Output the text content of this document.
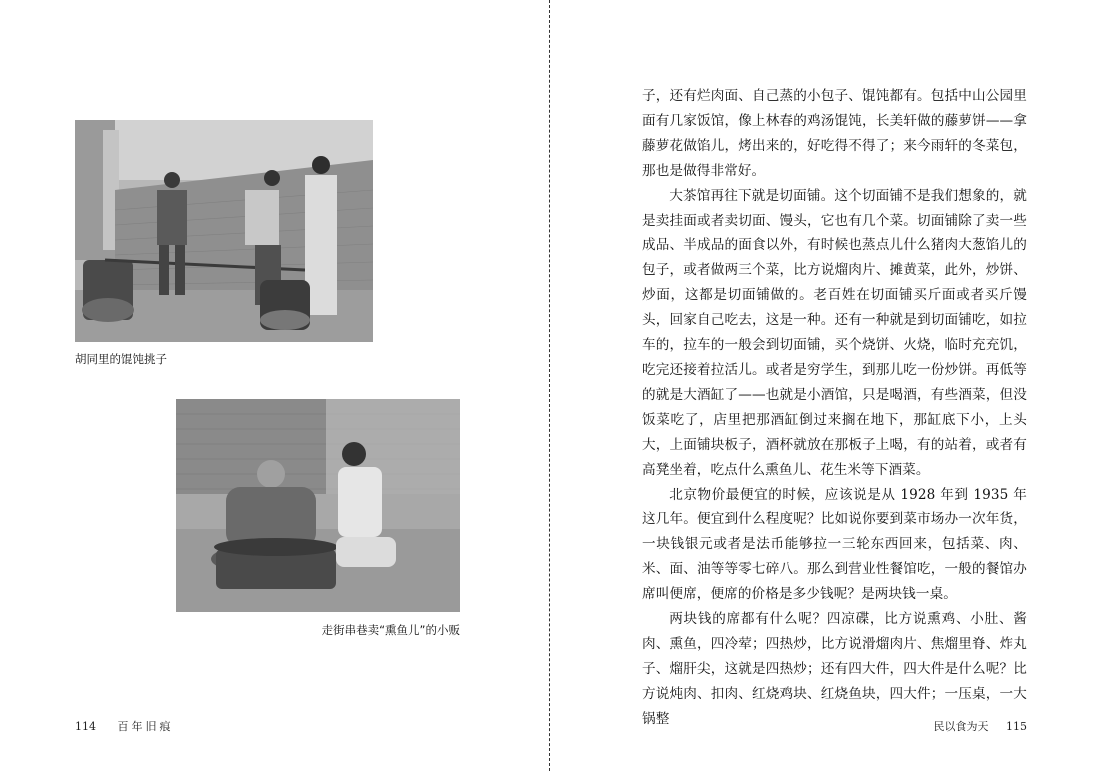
胡同里的馄饨挑子
走街串巷卖“熏鱼儿”的小贩
114 百年旧痕

子，还有烂肉面、自己蒸的小包子、馄饨都有。包括中山公园里面有几家饭馆，像上林春的鸡汤馄饨，长美轩做的藤萝饼——拿藤萝花做馅儿，烤出来的，好吃得不得了；来今雨轩的冬菜包，那也是做得非常好。

大茶馆再往下就是切面铺。这个切面铺不是我们想象的，就是卖挂面或者卖切面、馒头，它也有几个菜。切面铺除了卖一些成品、半成品的面食以外，有时候也蒸点儿什么猪肉大葱馅儿的包子，或者做两三个菜，比方说熘肉片、摊黄菜，此外，炒饼、炒面，这都是切面铺做的。老百姓在切面铺买斤面或者买斤馒头，回家自己吃去，这是一种。还有一种就是到切面铺吃，如拉车的，拉车的一般会到切面铺，买个烧饼、火烧，临时充充饥，吃完还接着拉活儿。或者是穷学生，到那儿吃一份炒饼。再低等的就是大酒缸了——也就是小酒馆，只是喝酒，有些酒菜，但没饭菜吃了，店里把那酒缸倒过来搁在地下，那缸底下小，上头大，上面铺块板子，酒杯就放在那板子上喝，有的站着，或者有高凳坐着，吃点什么熏鱼儿、花生米等下酒菜。

北京物价最便宜的时候，应该说是从 1928 年到 1935 年这几年。便宜到什么程度呢？比如说你要到菜市场办一次年货，一块钱银元或者是法币能够拉一三轮东西回来，包括菜、肉、米、面、油等等零七碎八。那么到营业性餐馆吃，一般的餐馆办席叫便席，便席的价格是多少钱呢？是两块钱一桌。

两块钱的席都有什么呢？四凉碟，比方说熏鸡、小肚、酱肉、熏鱼，四冷荤；四热炒，比方说滑熘肉片、焦熘里脊、炸丸子、熘肝尖，这就是四热炒；还有四大件，四大件是什么呢？比方说炖肉、扣肉、红烧鸡块、红烧鱼块，四大件；一压桌，一大锅整	民以食为天 115
